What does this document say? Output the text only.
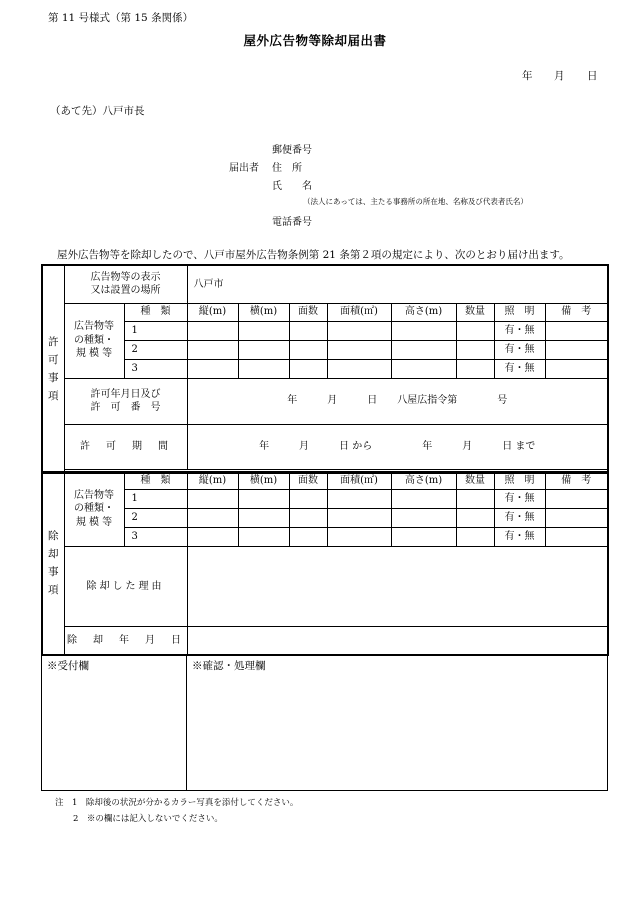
第 11 号様式（第 15 条関係）
屋外広告物等除却届出書
年 月 日
（あて先）八戸市長
郵便番号
届出者 住　所
氏　　名
（法人にあっては、主たる事務所の所在地、名称及び代表者氏名）
電話番号
屋外広告物等を除却したので、八戸市屋外広告物条例第 21 条第２項の規定により、次のとおり届け出ます。
許
可
事
項	広告物等の表示
又は設置の場所		八戸市							
	広告物等
の種類・
規 模 等	種　類	縦(m)	横(m)	面数	面積(㎡)	高さ(m)	数量	照　明	備　考
		1							有・無	
		2							有・無	
		3							有・無	
	許可年月日及び
許　可　番　号		年　　　月　　　日　　八屋広指令第　　　　号							
	許　可　期　間		年　　　月　　　日 から　　　　　年　　　月　　　日 まで							

除
却
事
項	広告物等
の種類・
規 模 等	種　類	縦(m)	横(m)	面数	面積(㎡)	高さ(m)	数量	照　明	備　考
		1							有・無	
		2							有・無	
		3							有・無	
	除却した理由									
	除　却　年　月　日									
※受付欄	※確認・処理欄
注　1　除却後の状況が分かるカラー写真を添付してください。
2　※の欄には記入しないでください。
